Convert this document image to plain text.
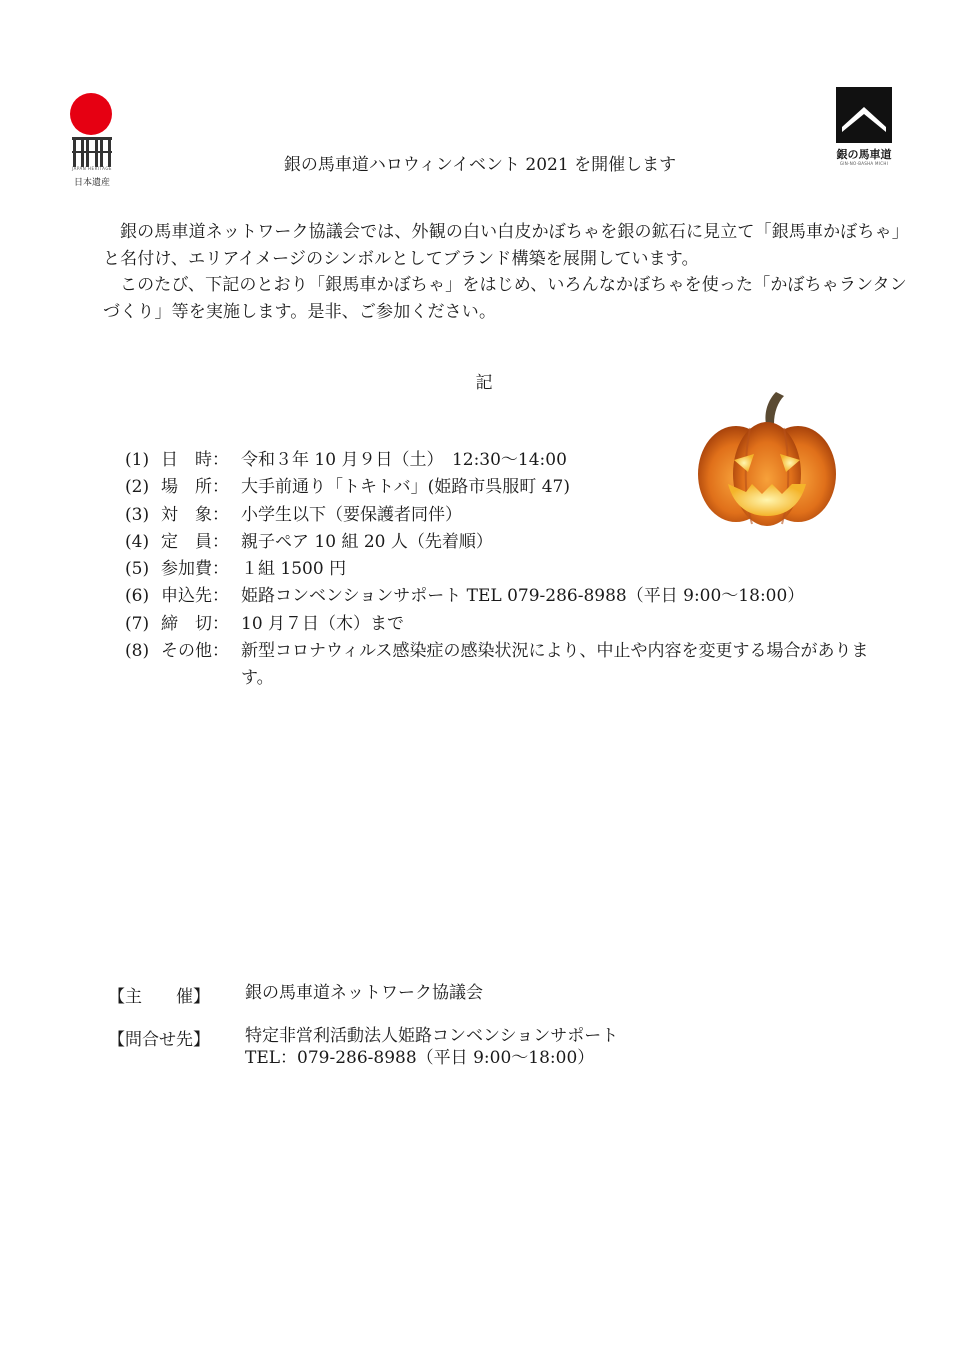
JAPAN HERITAGE
日本遺産
銀の馬車道
GIN-NO-BASHA MICHI
銀の馬車道ハロウィンイベント 2021 を開催します

銀の馬車道ネットワーク協議会では、外観の白い白皮かぼちゃを銀の鉱石に見立て「銀馬車かぼちゃ」と名付け、エリアイメージのシンボルとしてブランド構築を展開しています。

このたび、下記のとおり「銀馬車かぼちゃ」をはじめ、いろんなかぼちゃを使った「かぼちゃランタンづくり」等を実施します。是非、ご参加ください。

記
(1) 日　時： 令和３年 10 月９日（土）　12:30～14:00
(2) 場　所： 大手前通り「トキトバ」(姫路市呉服町 47)
(3) 対　象： 小学生以下（要保護者同伴）
(4) 定　員： 親子ペア 10 組 20 人（先着順）
(5) 参加費： １組 1500 円
(6) 申込先： 姫路コンベンションサポート TEL 079-286-8988（平日 9:00～18:00）
(7) 締　切： 10 月７日（木）まで
(8) その他： 新型コロナウィルス感染症の感染状況により、中止や内容を変更する場合があります。
【主　　催】	銀の馬車道ネットワーク協議会
【問合せ先】	特定非営利活動法人姫路コンベンションサポート
TEL：079-286-8988（平日 9:00～18:00）
